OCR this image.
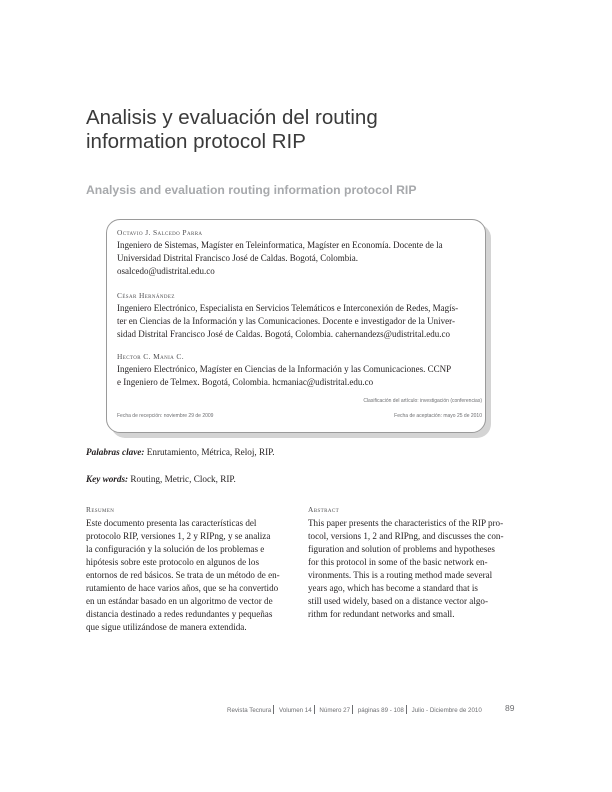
Analisis y evaluación del routing
information protocol RIP
Analysis and evaluation routing information protocol RIP
Octavio J. Salcedo Parra
Ingeniero de Sistemas, Magíster en Teleinformatica, Magíster en Economía. Docente de la
Universidad Distrital Francisco José de Caldas. Bogotá, Colombia.
osalcedo@udistrital.edu.co
César Hernández
Ingeniero Electrónico, Especialista en Servicios Telemáticos e Interconexión de Redes, Magís-
ter en Ciencias de la Información y las Comunicaciones. Docente e investigador de la Univer-
sidad Distrital Francisco José de Caldas. Bogotá, Colombia. cahernandezs@udistrital.edu.co
Hector C. Mania C.
Ingeniero Electrónico, Magíster en Ciencias de la Información y las Comunicaciones. CCNP
e Ingeniero de Telmex. Bogotá, Colombia. hcmaniac@udistrital.edu.co
Clasificación del artículo: investigación (conferencias)
Fecha de recepción: noviembre 29 de 2009	Fecha de aceptación: mayo 25 de 2010
Palabras clave: Enrutamiento, Métrica, Reloj, RIP.
Key words: Routing, Metric, Clock, RIP.
Resumen
Este documento presenta las características del
protocolo RIP, versiones 1, 2 y RIPng, y se analiza
la configuración y la solución de los problemas e
hipótesis sobre este protocolo en algunos de los
entornos de red básicos. Se trata de un método de en-
rutamiento de hace varios años, que se ha convertido
en un estándar basado en un algoritmo de vector de
distancia destinado a redes redundantes y pequeñas
que sigue utilizándose de manera extendida.
Abstract
This paper presents the characteristics of the RIP pro-
tocol, versions 1, 2 and RIPng, and discusses the con-
figuration and solution of problems and hypotheses
for this protocol in some of the basic network en-
vironments. This is a routing method made several
years ago, which has become a standard that is
still used widely, based on a distance vector algo-
rithm for redundant networks and small.
Revista Tecnura Volumen 14 Número 27 páginas 89 - 108 Julio - Diciembre de 2010	89
